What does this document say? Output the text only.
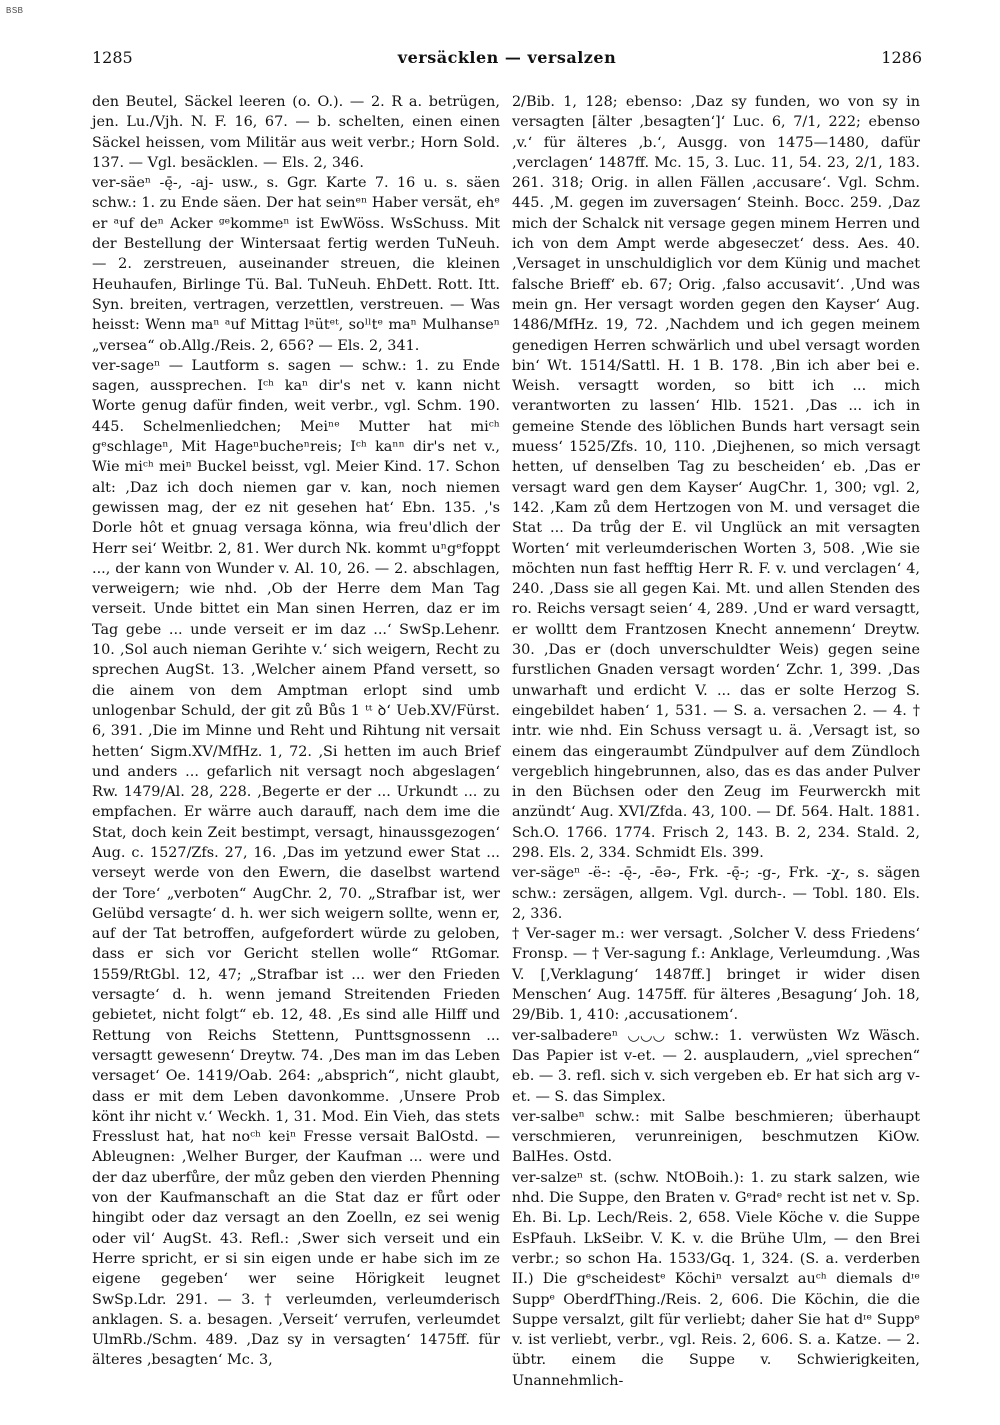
BSB
1285	versäcklen — versalzen	1286

den Beutel, Säckel leeren (o. O.). — 2. R a. betrügen, jen. Lu./Vjh. N. F. 16, 67. — b. schelten, einen einen Säckel heissen, vom Militär aus weit verbr.; Horn Sold. 137. — Vgl. besäcklen. — Els. 2, 346.

ver-säeⁿ -ę̄-, -aj- usw., s. Ggr. Karte 7. 16 u. s. säen schw.: 1. zu Ende säen. Der hat seinᵉⁿ Haber versät, ehᵉ er ᵃuf deⁿ Acker ᵍᵉkommeⁿ ist EwWöss. WsSchuss. Mit der Bestellung der Wintersaat fertig werden TuNeuh. — 2. zerstreuen, auseinander streuen, die kleinen Heuhaufen, Birlinge Tü. Bal. TuNeuh. EhDett. Rott. Itt. Syn. breiten, vertragen, verzettlen, verstreuen. — Was heisst: Wenn maⁿ ᵃuf Mittag lᵃütᵉᵗ, soˡˡtᵉ maⁿ Mulhanseⁿ „versea“ ob.Allg./Reis. 2, 656? — Els. 2, 341.

ver-sageⁿ — Lautform s. sagen — schw.: 1. zu Ende sagen, aussprechen. Iᶜʰ kaⁿ dir's net v. kann nicht Worte genug dafür finden, weit verbr., vgl. Schm. 190. 445. Schelmenliedchen; Meiⁿᵉ Mutter hat miᶜʰ gᵉschlageⁿ, Mit Hageⁿbucheⁿreis; Iᶜʰ kaⁿⁿ dir's net v., Wie miᶜʰ meiⁿ Buckel beisst, vgl. Meier Kind. 17. Schon alt: ‚Daz ich doch niemen gar v. kan, noch niemen gewissen mag, der ez nit gesehen hat‘ Ebn. 135. ‚'s Dorle hôt et gnuag versaga könna, wia freu'dlich der Herr sei‘ Weitbr. 2, 81. Wer durch Nk. kommt uⁿgᵉfoppt ..., der kann von Wunder v. Al. 10, 26. — 2. abschlagen, verweigern; wie nhd. ‚Ob der Herre dem Man Tag verseit. Unde bittet ein Man sinen Herren, daz er im Tag gebe ... unde verseit er im daz ...‘ SwSp.Lehenr. 10. ‚Sol auch nieman Gerihte v.‘ sich weigern, Recht zu sprechen AugSt. 13. ‚Welcher ainem Pfand versett, so die ainem von dem Amptman erlopt sind umb unlogenbar Schuld, der git zů Bůs 1 ᵗᵗ ꝺ‘ Ueb.XV/Fürst. 6, 391. ‚Die im Minne und Reht und Rihtung nit versait hetten‘ Sigm.XV/MfHz. 1, 72. ‚Si hetten im auch Brief und anders ... gefarlich nit versagt noch abgeslagen‘ Rw. 1479/Al. 28, 228. ‚Begerte er der ... Urkundt ... zu empfachen. Er wärre auch darauff, nach dem ime die Stat, doch kein Zeit bestimpt, versagt, hinaussgezogen‘ Aug. c. 1527/Zfs. 27, 16. ‚Das im yetzund ewer Stat ... verseyt werde von den Ewern, die daselbst wartend der Tore‘ „verboten“ AugChr. 2, 70. „Strafbar ist, wer Gelübd versagte‘ d. h. wer sich weigern sollte, wenn er, auf der Tat betroffen, aufgefordert würde zu geloben, dass er sich vor Gericht stellen wolle“ RtGomar. 1559/RtGbl. 12, 47; „Strafbar ist ... wer den Frieden versagte‘ d. h. wenn jemand Streitenden Frieden gebietet, nicht folgt“ eb. 12, 48. ‚Es sind alle Hilff und Rettung von Reichs Stettenn, Punttsgnossenn ... versagtt gewesenn‘ Dreytw. 74. ‚Des man im das Leben versaget‘ Oe. 1419/Oab. 264: „absprich“, nicht glaubt, dass er mit dem Leben davonkomme. ‚Unsere Prob könt ihr nicht v.‘ Weckh. 1, 31. Mod. Ein Vieh, das stets Fresslust hat, hat noᶜʰ keiⁿ Fresse versait BalOstd. — Ableugnen: ‚Welher Burger, der Kaufman ... were und der daz uberfůre, der můz geben den vierden Phenning von der Kaufmanschaft an die Stat daz er fůrt oder hingibt oder daz versagt an den Zoelln, ez sei wenig oder vil‘ AugSt. 43. Refl.: ‚Swer sich verseit und ein Herre spricht, er si sin eigen unde er habe sich im ze eigene gegeben‘ wer seine Hörigkeit leugnet SwSp.Ldr. 291. — 3. † verleumden, verleumderisch anklagen. S. a. besagen. ‚Verseit‘ verrufen, verleumdet UlmRb./Schm. 489. ‚Daz sy in versagten‘ 1475ff. für älteres ‚besagten‘ Mc. 3,

2/Bib. 1, 128; ebenso: ‚Daz sy funden, wo von sy in versagten [älter ‚besagten‘]‘ Luc. 6, 7/1, 222; ebenso ‚v.‘ für älteres ‚b.‘, Ausgg. von 1475—1480, dafür ‚verclagen‘ 1487ff. Mc. 15, 3. Luc. 11, 54. 23, 2/1, 183. 261. 318; Orig. in allen Fällen ‚accusare‘. Vgl. Schm. 445. ‚M. gegen im zuversagen‘ Steinh. Bocc. 259. ‚Daz mich der Schalck nit versage gegen minem Herren und ich von dem Ampt werde abgeseczet‘ dess. Aes. 40. ‚Versaget in unschuldiglich vor dem Künig und machet falsche Brieff‘ eb. 67; Orig. ‚falso accusavit‘. ‚Und was mein gn. Her versagt worden gegen den Kayser‘ Aug. 1486/MfHz. 19, 72. ‚Nachdem und ich gegen meinem genedigen Herren schwärlich und ubel versagt worden bin‘ Wt. 1514/Sattl. H. 1 B. 178. ‚Bin ich aber bei e. Weish. versagtt worden, so bitt ich ... mich verantworten zu lassen‘ Hlb. 1521. ‚Das ... ich in gemeine Stende des löblichen Bunds hart versagt sein muess‘ 1525/Zfs. 10, 110. ‚Diejhenen, so mich versagt hetten, uf denselben Tag zu bescheiden‘ eb. ‚Das er versagt ward gen dem Kayser‘ AugChr. 1, 300; vgl. 2, 142. ‚Kam zů dem Hertzogen von M. und versaget die Stat ... Da trůg der E. vil Unglück an mit versagten Worten‘ mit verleumderischen Worten 3, 508. ‚Wie sie möchten nun fast hefftig Herr R. F. v. und verclagen‘ 4, 240. ‚Dass sie all gegen Kai. Mt. und allen Stenden des ro. Reichs versagt seien‘ 4, 289. ‚Und er ward versagtt, er wolltt dem Frantzosen Knecht annemenn‘ Dreytw. 30. ‚Das er (doch unverschuldter Weis) gegen seine furstlichen Gnaden versagt worden‘ Zchr. 1, 399. ‚Das unwarhaft und erdicht V. ... das er solte Herzog S. eingebildet haben‘ 1, 531. — S. a. versachen 2. — 4. † intr. wie nhd. Ein Schuss versagt u. ä. ‚Versagt ist, so einem das eingeraumbt Zündpulver auf dem Zündloch vergeblich hingebrunnen, also, das es das ander Pulver in den Büchsen oder den Zeug im Feurwerckh mit anzündt‘ Aug. XVI/Zfda. 43, 100. — Df. 564. Halt. 1881. Sch.O. 1766. 1774. Frisch 2, 143. B. 2, 234. Stald. 2, 298. Els. 2, 334. Schmidt Els. 399.

ver-sägeⁿ -ë-: -ę̄-, -ēə-, Frk. -ę̄-; -g-, Frk. -χ-, s. sägen schw.: zersägen, allgem. Vgl. durch-. — Tobl. 180. Els. 2, 336.

† Ver-sager m.: wer versagt. ‚Solcher V. dess Friedens‘ Fronsp. — † Ver-sagung f.: Anklage, Verleumdung. ‚Was V. [‚Verklagung‘ 1487ff.] bringet ir wider disen Menschen‘ Aug. 1475ff. für älteres ‚Besagung‘ Joh. 18, 29/Bib. 1, 410: ‚accusationem‘.

ver-salbadereⁿ ◡◡◡ schw.: 1. verwüsten Wz Wäsch. Das Papier ist v-et. — 2. ausplaudern, „viel sprechen“ eb. — 3. refl. sich v. sich vergeben eb. Er hat sich arg v-et. — S. das Simplex.

ver-salbeⁿ schw.: mit Salbe beschmieren; überhaupt verschmieren, verunreinigen, beschmutzen KiOw. BalHes. Ostd.

ver-salzeⁿ st. (schw. NtOBoih.): 1. zu stark salzen, wie nhd. Die Suppe, den Braten v. Gᵉradᵉ recht ist net v. Sp. Eh. Bi. Lp. Lech/Reis. 2, 658. Viele Köche v. die Suppe EsPfauh. LkSeibr. V. K. v. die Brühe Ulm, — den Brei verbr.; so schon Ha. 1533/Gq. 1, 324. (S. a. verderben II.) Die gᵉscheidestᵉ Köchiⁿ versalzt auᶜʰ diemals dᶦᵉ Suppᵉ OberdfThing./Reis. 2, 606. Die Köchin, die die Suppe versalzt, gilt für verliebt; daher Sie hat dᶦᵉ Suppᵉ v. ist verliebt, verbr., vgl. Reis. 2, 606. S. a. Katze. — 2. übtr. einem die Suppe v. Schwierigkeiten, Unannehmlich-
